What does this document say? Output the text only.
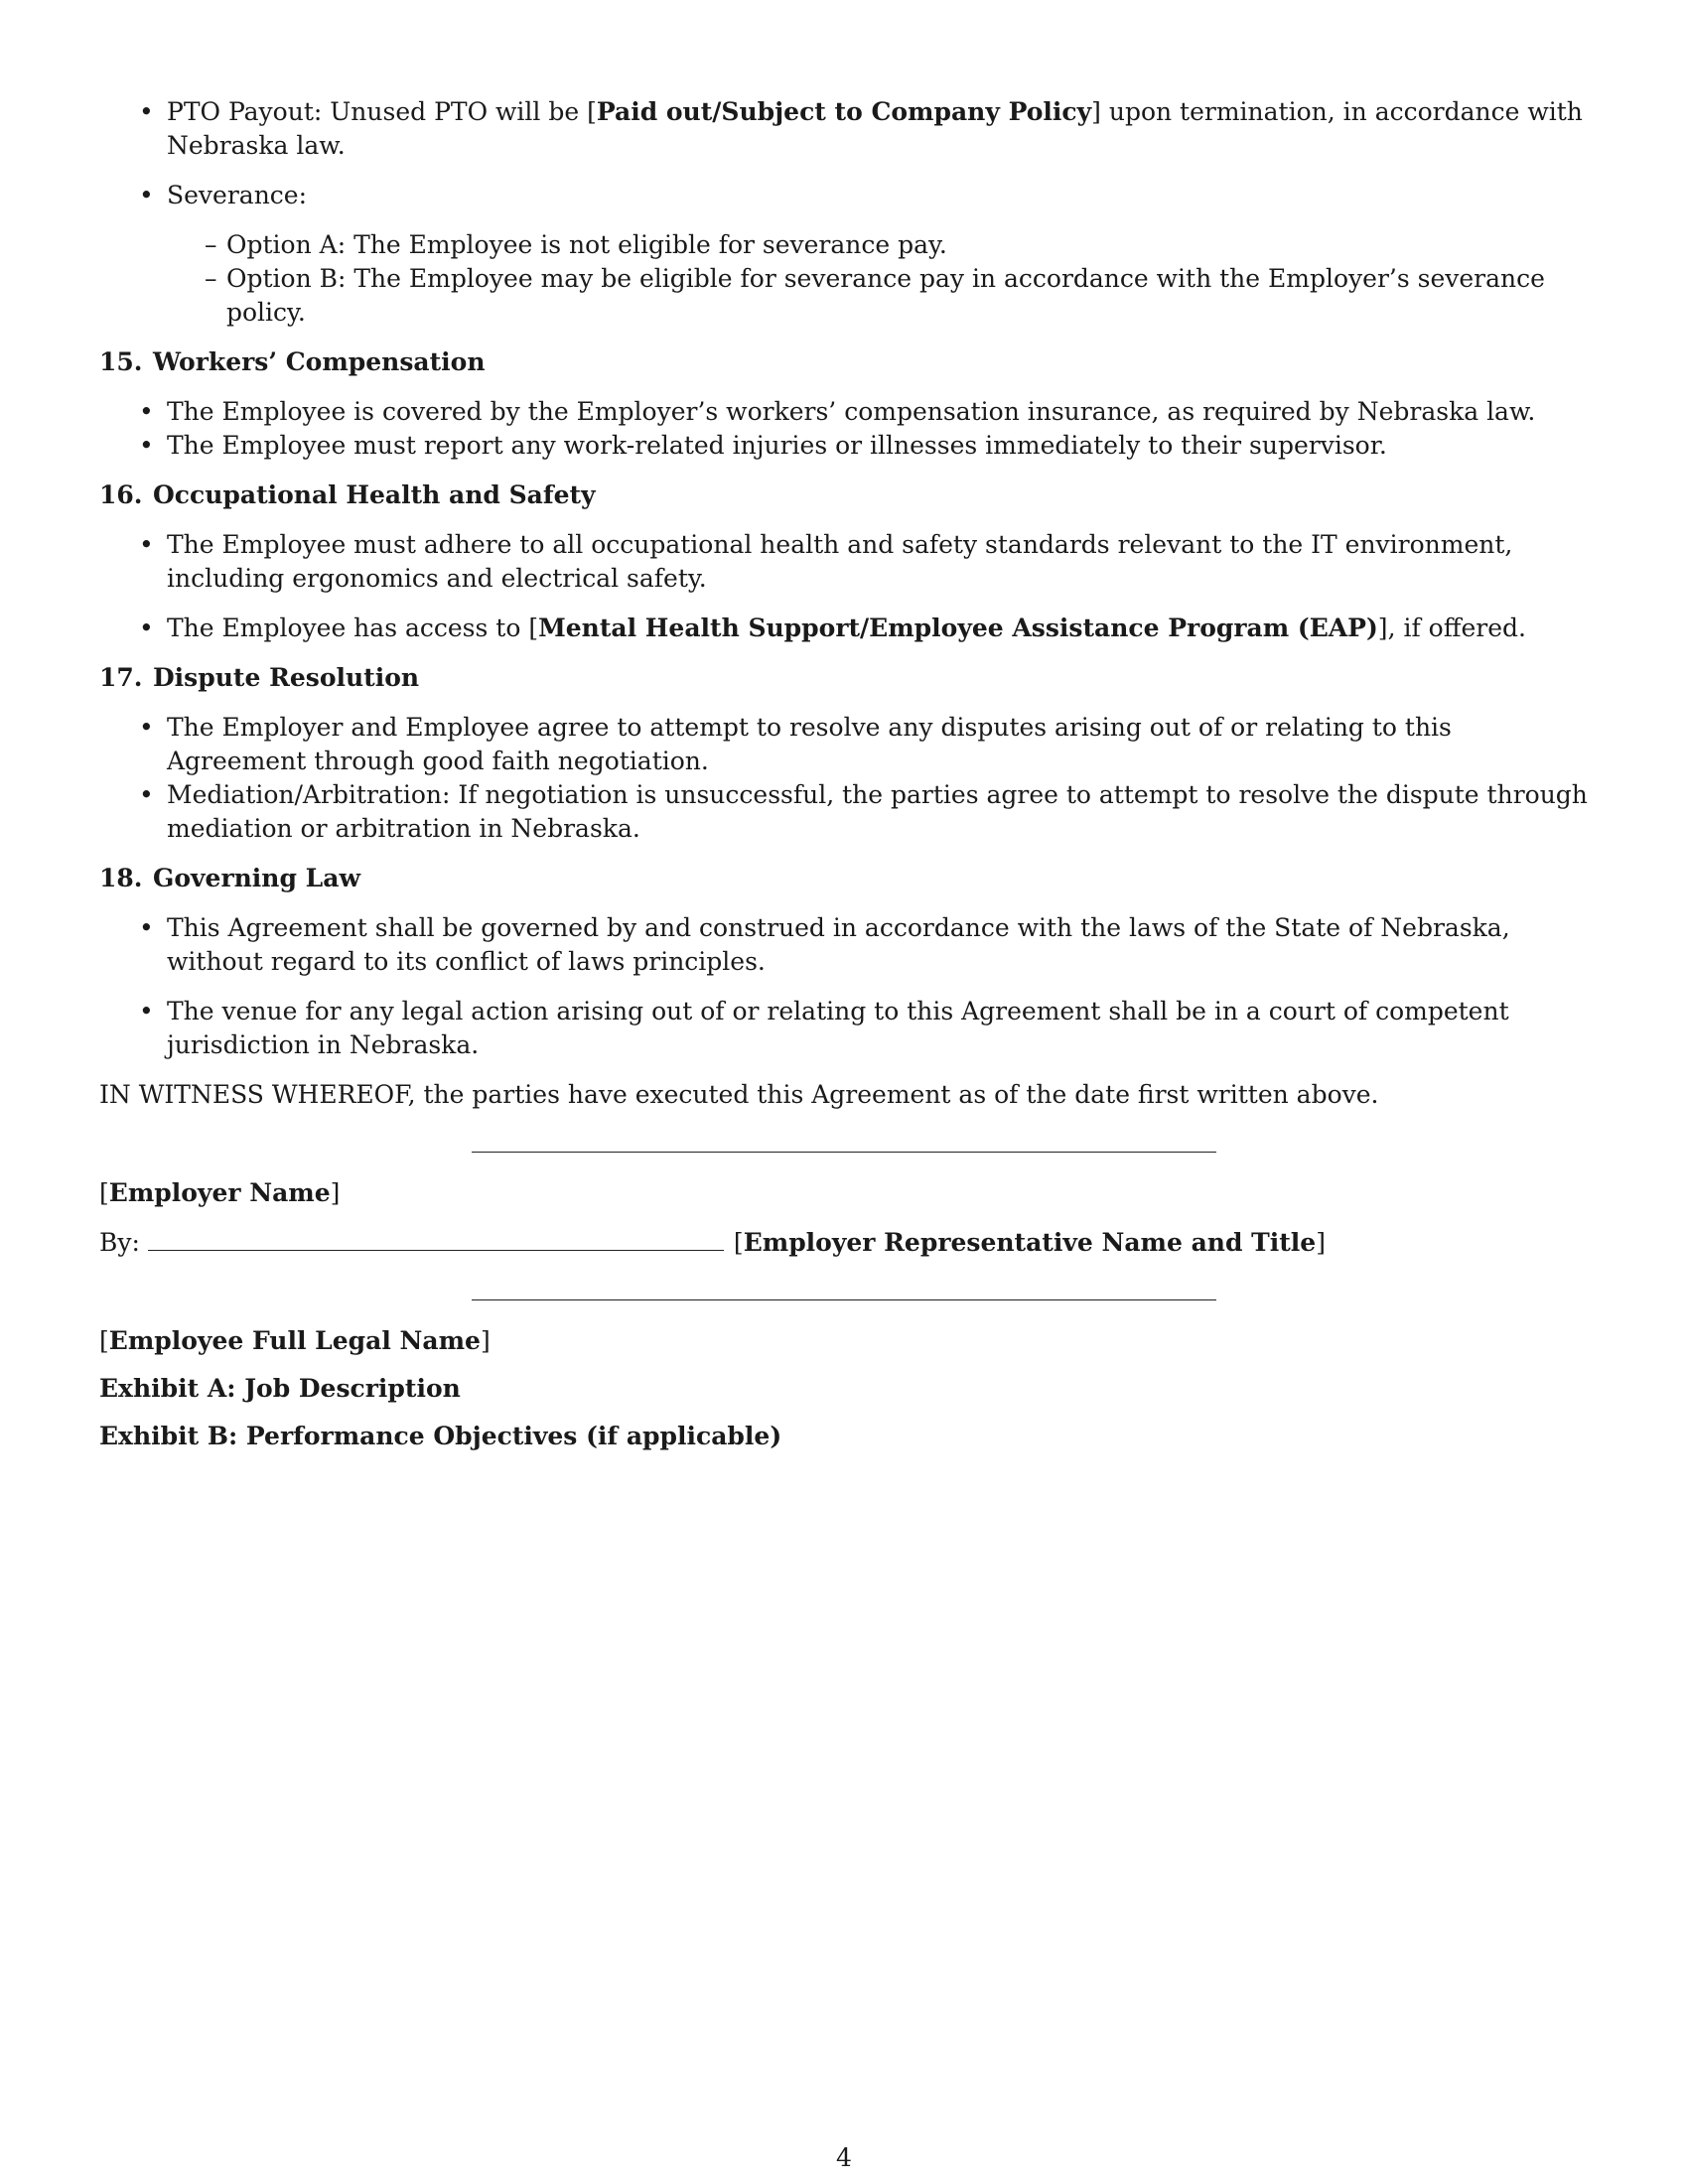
• PTO Payout: Unused PTO will be [Paid out/Subject to Company Policy] upon termination, in accordance with Nebraska law.
• Severance:
– Option A: The Employee is not eligible for severance pay.
– Option B: The Employee may be eligible for severance pay in accordance with the Employer’s severance policy.
15. Workers’ Compensation
• The Employee is covered by the Employer’s workers’ compensation insurance, as required by Nebraska law.
• The Employee must report any work-related injuries or illnesses immediately to their supervisor.
16. Occupational Health and Safety
• The Employee must adhere to all occupational health and safety standards relevant to the IT environment, including ergonomics and electrical safety.
• The Employee has access to [Mental Health Support/Employee Assistance Program (EAP)], if offered.
17. Dispute Resolution
• The Employer and Employee agree to attempt to resolve any disputes arising out of or relating to this Agreement through good faith negotiation.
• Mediation/Arbitration: If negotiation is unsuccessful, the parties agree to attempt to resolve the dispute through mediation or arbitration in Nebraska.
18. Governing Law
• This Agreement shall be governed by and construed in accordance with the laws of the State of Nebraska, without regard to its conflict of laws principles.
• The venue for any legal action arising out of or relating to this Agreement shall be in a court of competent jurisdiction in Nebraska.

IN WITNESS WHEREOF, the parties have executed this Agreement as of the date first written above.

[Employer Name]

By:	[Employer Representative Name and Title]

[Employee Full Legal Name]

Exhibit A: Job Description

Exhibit B: Performance Objectives (if applicable)

4
